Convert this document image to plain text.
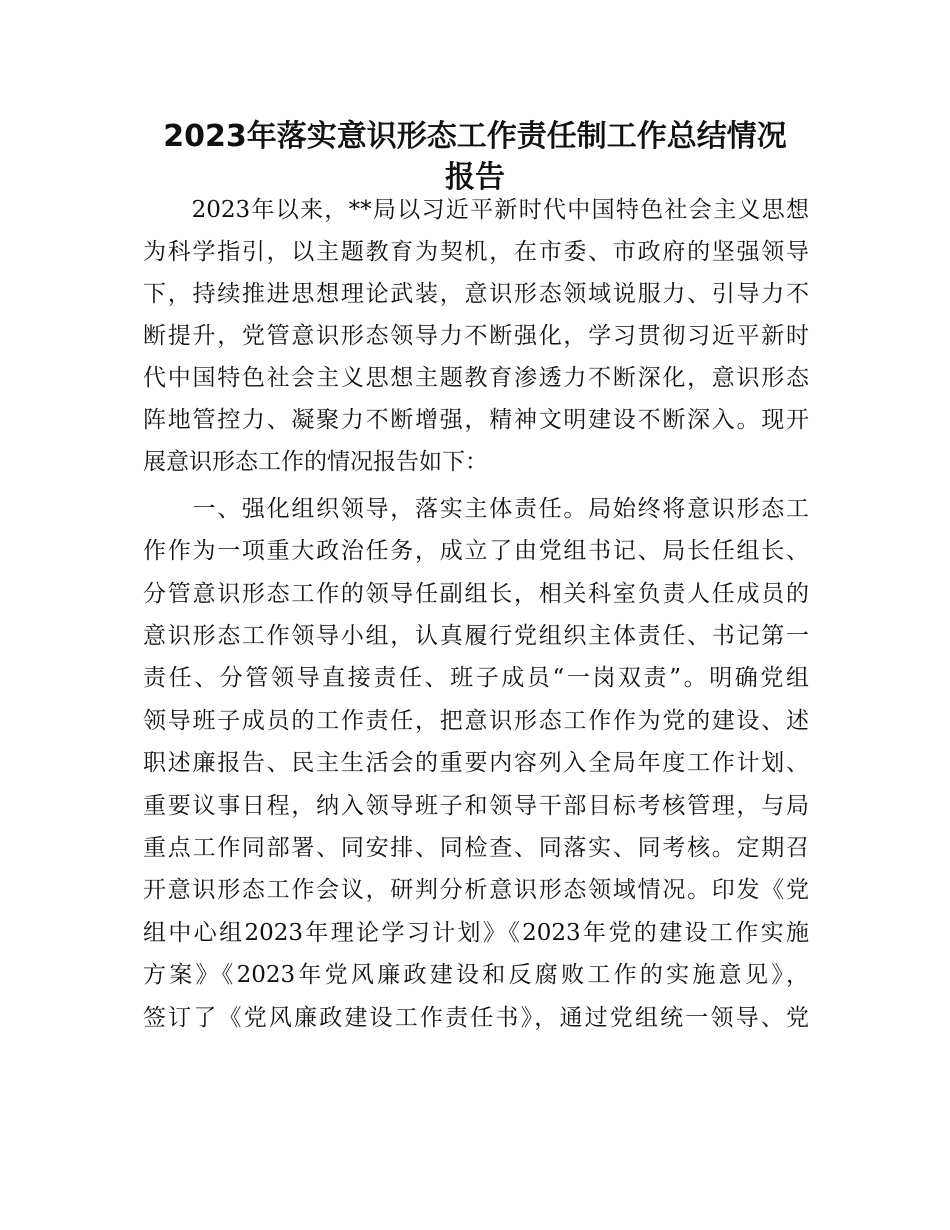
2023年落实意识形态工作责任制工作总结情况
报告
　　2023年以来，**局以习近平新时代中国特色社会主义思想
为科学指引，以主题教育为契机，在市委、市政府的坚强领导
下，持续推进思想理论武装，意识形态领域说服力、引导力不
断提升，党管意识形态领导力不断强化，学习贯彻习近平新时
代中国特色社会主义思想主题教育渗透力不断深化，意识形态
阵地管控力、凝聚力不断增强，精神文明建设不断深入。现开
展意识形态工作的情况报告如下：
　　一、强化组织领导，落实主体责任。局始终将意识形态工
作作为一项重大政治任务，成立了由党组书记、局长任组长、
分管意识形态工作的领导任副组长，相关科室负责人任成员的
意识形态工作领导小组，认真履行党组织主体责任、书记第一
责任、分管领导直接责任、班子成员“一岗双责”。明确党组
领导班子成员的工作责任，把意识形态工作作为党的建设、述
职述廉报告、民主生活会的重要内容列入全局年度工作计划、
重要议事日程，纳入领导班子和领导干部目标考核管理，与局
重点工作同部署、同安排、同检查、同落实、同考核。定期召
开意识形态工作会议，研判分析意识形态领域情况。印发《党
组中心组2023年理论学习计划》《2023年党的建设工作实施
方案》《2023年党风廉政建设和反腐败工作的实施意见》，
签订了《党风廉政建设工作责任书》，通过党组统一领导、党
